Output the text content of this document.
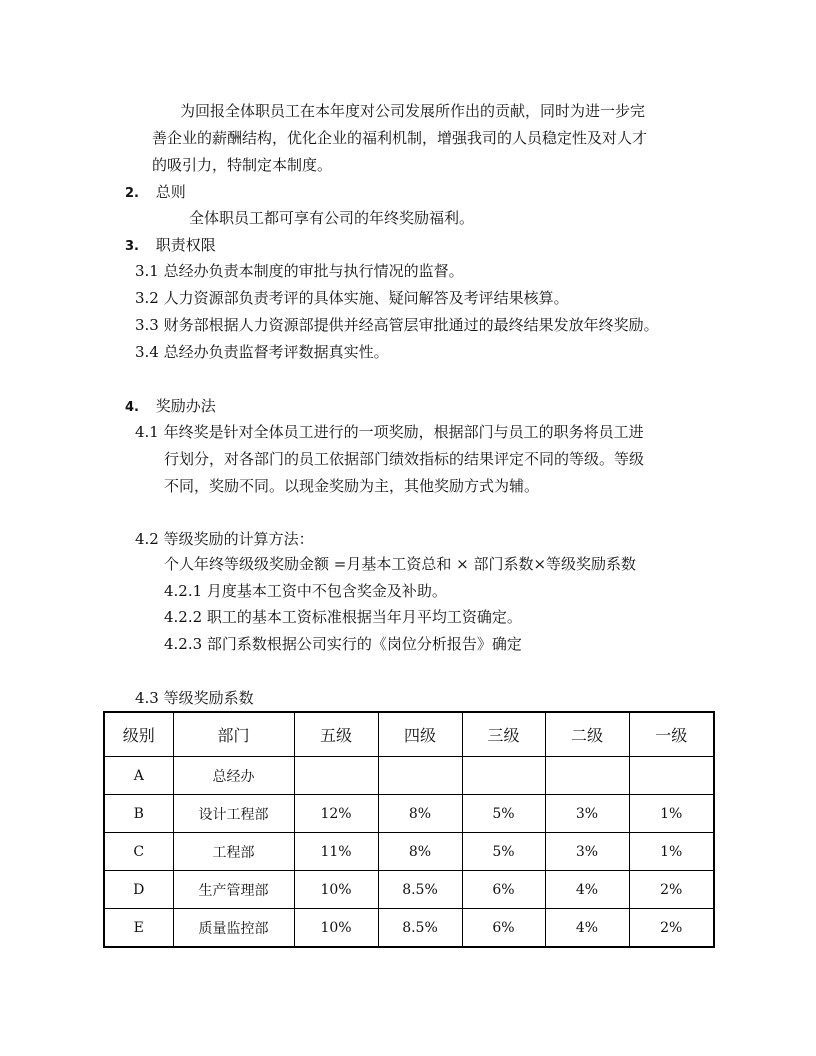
为回报全体职员工在本年度对公司发展所作出的贡献，同时为进一步完
善企业的薪酬结构，优化企业的福利机制，增强我司的人员稳定性及对人才
的吸引力，特制定本制度。
2. 总则
全体职员工都可享有公司的年终奖励福利。
3. 职责权限
3.1 总经办负责本制度的审批与执行情况的监督。
3.2 人力资源部负责考评的具体实施、疑问解答及考评结果核算。
3.3 财务部根据人力资源部提供并经高管层审批通过的最终结果发放年终奖励。
3.4 总经办负责监督考评数据真实性。
4. 奖励办法
4.1 年终奖是针对全体员工进行的一项奖励，根据部门与员工的职务将员工进
行划分，对各部门的员工依据部门绩效指标的结果评定不同的等级。等级
不同，奖励不同。以现金奖励为主，其他奖励方式为辅。
4.2 等级奖励的计算方法：
个人年终等级级奖励金额 =月基本工资总和 × 部门系数×等级奖励系数
4.2.1 月度基本工资中不包含奖金及补助。
4.2.2 职工的基本工资标准根据当年月平均工资确定。
4.2.3 部门系数根据公司实行的《岗位分析报告》确定
4.3 等级奖励系数
级别	部门	五级	四级	三级	二级	一级
A	总经办					
B	设计工程部	12%	8%	5%	3%	1%
C	工程部	11%	8%	5%	3%	1%
D	生产管理部	10%	8.5%	6%	4%	2%
E	质量监控部	10%	8.5%	6%	4%	2%
